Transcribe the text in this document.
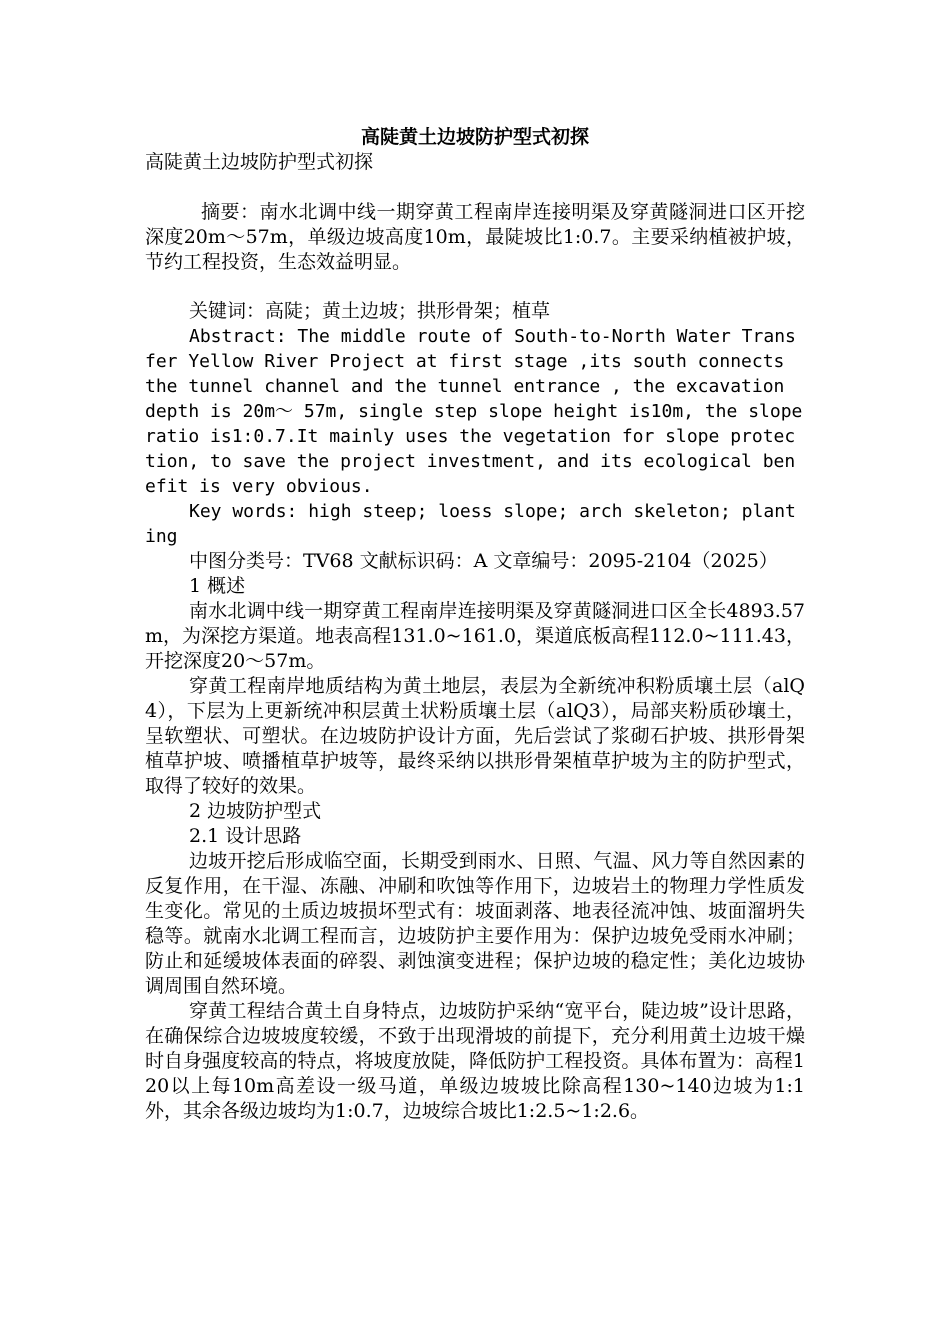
高陡黄土边坡防护型式初探
高陡黄土边坡防护型式初探
摘要：南水北调中线一期穿黄工程南岸连接明渠及穿黄隧洞进口区开挖深度20m～57m，单级边坡高度10m，最陡坡比1:0.7。主要采纳植被护坡，节约工程投资，生态效益明显。
关键词：高陡；黄土边坡；拱形骨架；植草
Abstract: The middle route of South-to-North Water Transfer Yellow River Project at first stage ,its south connects the tunnel channel and the tunnel entrance , the excavation depth is 20m～ 57m, single step slope height is10m, the slope ratio is1:0.7.It mainly uses the vegetation for slope protection, to save the project investment, and its ecological benefit is very obvious.
Key words: high steep; loess slope; arch skeleton; planting
中图分类号：TV68 文献标识码：A 文章编号：2095-2104（2025）
1 概述
南水北调中线一期穿黄工程南岸连接明渠及穿黄隧洞进口区全长4893.57m，为深挖方渠道。地表高程131.0~161.0，渠道底板高程112.0~111.43，开挖深度20～57m。
穿黄工程南岸地质结构为黄土地层，表层为全新统冲积粉质壤土层（alQ4），下层为上更新统冲积层黄土状粉质壤土层（alQ3），局部夹粉质砂壤土，呈软塑状、可塑状。在边坡防护设计方面，先后尝试了浆砌石护坡、拱形骨架植草护坡、喷播植草护坡等，最终采纳以拱形骨架植草护坡为主的防护型式，取得了较好的效果。
2 边坡防护型式
2.1 设计思路
边坡开挖后形成临空面，长期受到雨水、日照、气温、风力等自然因素的反复作用，在干湿、冻融、冲刷和吹蚀等作用下，边坡岩土的物理力学性质发生变化。常见的土质边坡损坏型式有：坡面剥落、地表径流冲蚀、坡面溜坍失稳等。就南水北调工程而言，边坡防护主要作用为：保护边坡免受雨水冲刷；防止和延缓坡体表面的碎裂、剥蚀演变进程；保护边坡的稳定性；美化边坡协调周围自然环境。
穿黄工程结合黄土自身特点，边坡防护采纳“宽平台，陡边坡”设计思路，在确保综合边坡坡度较缓，不致于出现滑坡的前提下，充分利用黄土边坡干燥时自身强度较高的特点，将坡度放陡，降低防护工程投资。具体布置为：高程120以上每10m高差设一级马道，单级边坡坡比除高程130~140边坡为1:1外，其余各级边坡均为1:0.7，边坡综合坡比1:2.5~1:2.6。
